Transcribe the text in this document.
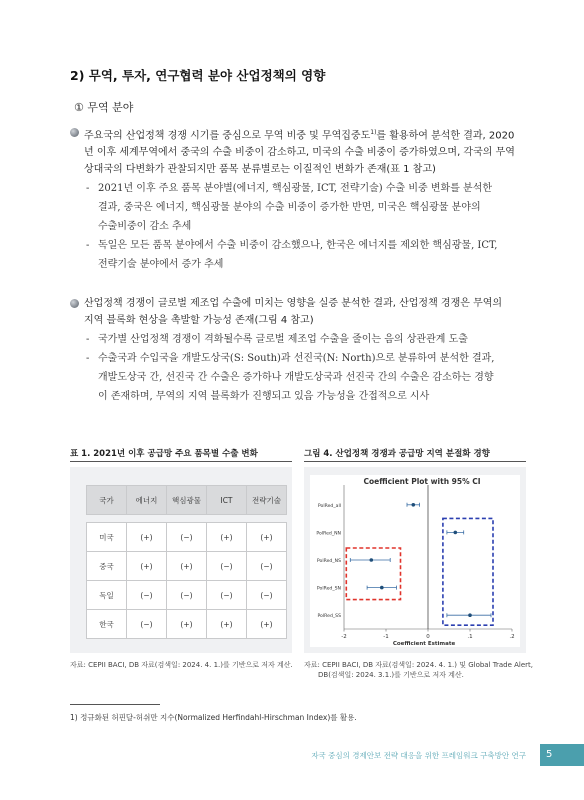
2) 무역, 투자, 연구협력 분야 산업정책의 영향
① 무역 분야
주요국의 산업정책 경쟁 시기를 중심으로 무역 비중 및 무역집중도$^{1)}$를 활용하여 분석한 결과, 2020
년 이후 세계무역에서 중국의 수출 비중이 감소하고, 미국의 수출 비중이 증가하였으며, 각국의 무역
상대국의 다변화가 관찰되지만 품목 분류별로는 이질적인 변화가 존재(표 1 참고)
- 2021년 이후 주요 품목 분야별(에너지, 핵심광물, ICT, 전략기술) 수출 비중 변화를 분석한
결과, 중국은 에너지, 핵심광물 분야의 수출 비중이 증가한 반면, 미국은 핵심광물 분야의
수출비중이 감소 추세
- 독일은 모든 품목 분야에서 수출 비중이 감소했으나, 한국은 에너지를 제외한 핵심광물, ICT,
전략기술 분야에서 증가 추세
산업정책 경쟁이 글로벌 제조업 수출에 미치는 영향을 실증 분석한 결과, 산업정책 경쟁은 무역의
지역 블록화 현상을 촉발할 가능성 존재(그림 4 참고)
- 국가별 산업정책 경쟁이 격화될수록 글로벌 제조업 수출을 줄이는 음의 상관관계 도출
- 수출국과 수입국을 개발도상국(S: South)과 선진국(N: North)으로 분류하여 분석한 결과,
개발도상국 간, 선진국 간 수출은 증가하나 개발도상국과 선진국 간의 수출은 감소하는 경향
이 존재하며, 무역의 지역 블록화가 진행되고 있음 가능성을 간접적으로 시사
표 1. 2021년 이후 공급망 주요 품목별 수출 변화
국가	에너지	핵심광물	ICT	전략기술

미국	(+)	(−)	(+)	(+)
중국	(+)	(+)	(−)	(−)
독일	(−)	(−)	(−)	(−)
한국	(−)	(+)	(+)	(+)
자료: CEPII BACI, DB 자료(검색일: 2024. 4. 1.)를 기반으로 저자 계산.
그림 4. 산업정책 경쟁과 공급망 지역 분절화 경향
Coefficient Plot with 95% CI
Coefficient Estimate
-2	-1	0	.1	.2
PolRed_all
PolRed_NN
PolRed_NS
PolRed_SN
PolRed_SS
자료: CEPII BACI, DB 자료(검색일: 2024. 4. 1.) 및 Global Trade Alert,
DB(검색일: 2024. 3.1.)를 기반으로 저자 계산.
1) 정규화된 허핀달-허쉬만 지수(Normalized Herfindahl-Hirschman Index)를 활용.
자국 중심의 경제안보 전략 대응을 위한 프레임워크 구축방안 연구	5
